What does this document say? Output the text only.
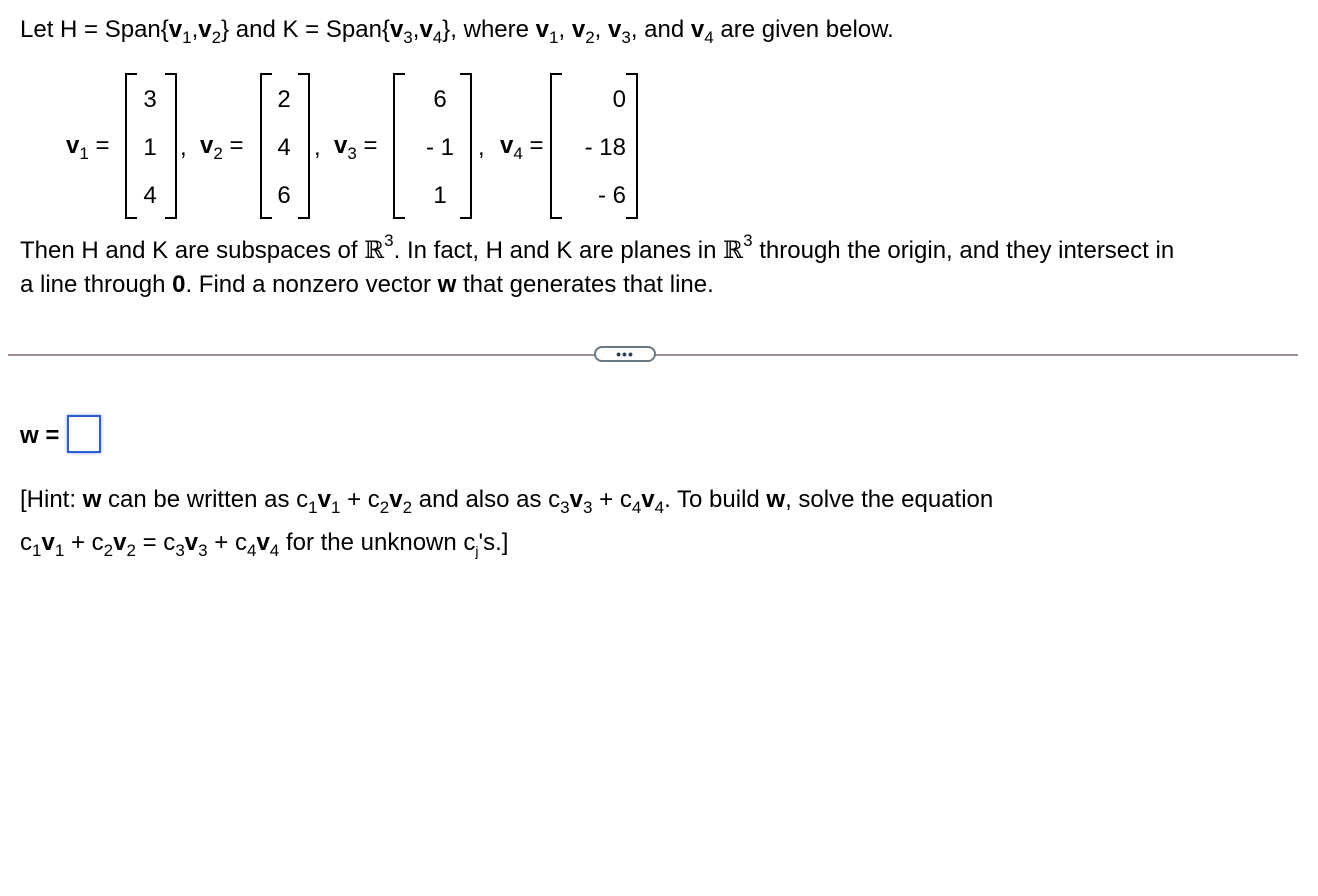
Let $H = Span\{v_1,v_2\}$ and $K = Span\{v_3,v_4\}$, where $v_1$, $v_2$, $v_3$, and $v_4$ are given below.
$v_1$ =
3
1
4
, $v_2$ =
2
4
6
, $v_3$ =
6
- 1
1
, $v_4$ =
0
- 18
- 6
Then H and K are subspaces of ℝ$^3$. In fact, H and K are planes in ℝ$^3$ through the origin, and they intersect in
a line through 0. Find a nonzero vector w that generates that line.
•••
w =
[Hint: w can be written as $c_1v_1 + c_2v_2$ and also as $c_3v_3 + c_4v_4$. To build w, solve the equation
$c_1v_1 + c_2v_2 = c_3v_3 + c_4v_4$ for the unknown $c_j's$.]
